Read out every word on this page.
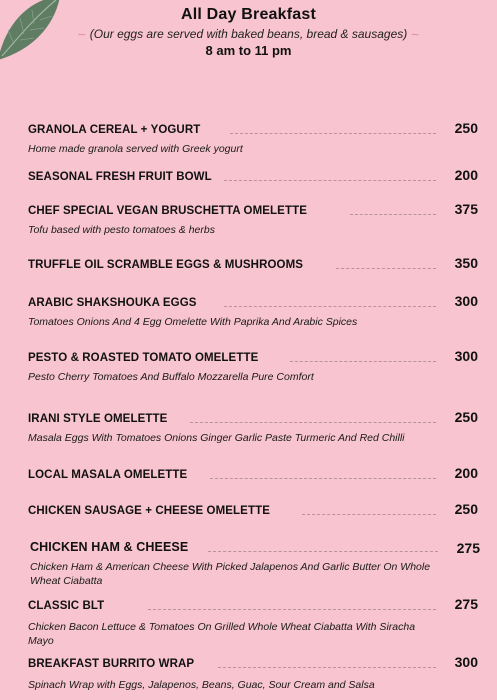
All Day Breakfast
∼ (Our eggs are served with baked beans, bread & sausages) ∼
8 am to 11 pm
GRANOLA CEREAL + YOGURT	250
Home made granola served with Greek yogurt
SEASONAL FRESH FRUIT BOWL	200
CHEF SPECIAL VEGAN BRUSCHETTA OMELETTE	375
Tofu based with pesto tomatoes & herbs
TRUFFLE OIL SCRAMBLE EGGS & MUSHROOMS	350
ARABIC SHAKSHOUKA EGGS	300
Tomatoes Onions And 4 Egg Omelette With Paprika And Arabic Spices
PESTO & ROASTED TOMATO OMELETTE	300
Pesto Cherry Tomatoes And Buffalo Mozzarella Pure Comfort
IRANI STYLE OMELETTE	250
Masala Eggs With Tomatoes Onions Ginger Garlic Paste Turmeric And Red Chilli
LOCAL MASALA OMELETTE	200
CHICKEN SAUSAGE + CHEESE OMELETTE	250
CHICKEN HAM & CHEESE	275
Chicken Ham & American Cheese With Picked Jalapenos And Garlic Butter On Whole Wheat Ciabatta
CLASSIC BLT	275
Chicken Bacon Lettuce & Tomatoes On Grilled Whole Wheat Ciabatta With Siracha Mayo
BREAKFAST BURRITO WRAP	300
Spinach Wrap with Eggs, Jalapenos, Beans, Guac, Sour Cream and Salsa
